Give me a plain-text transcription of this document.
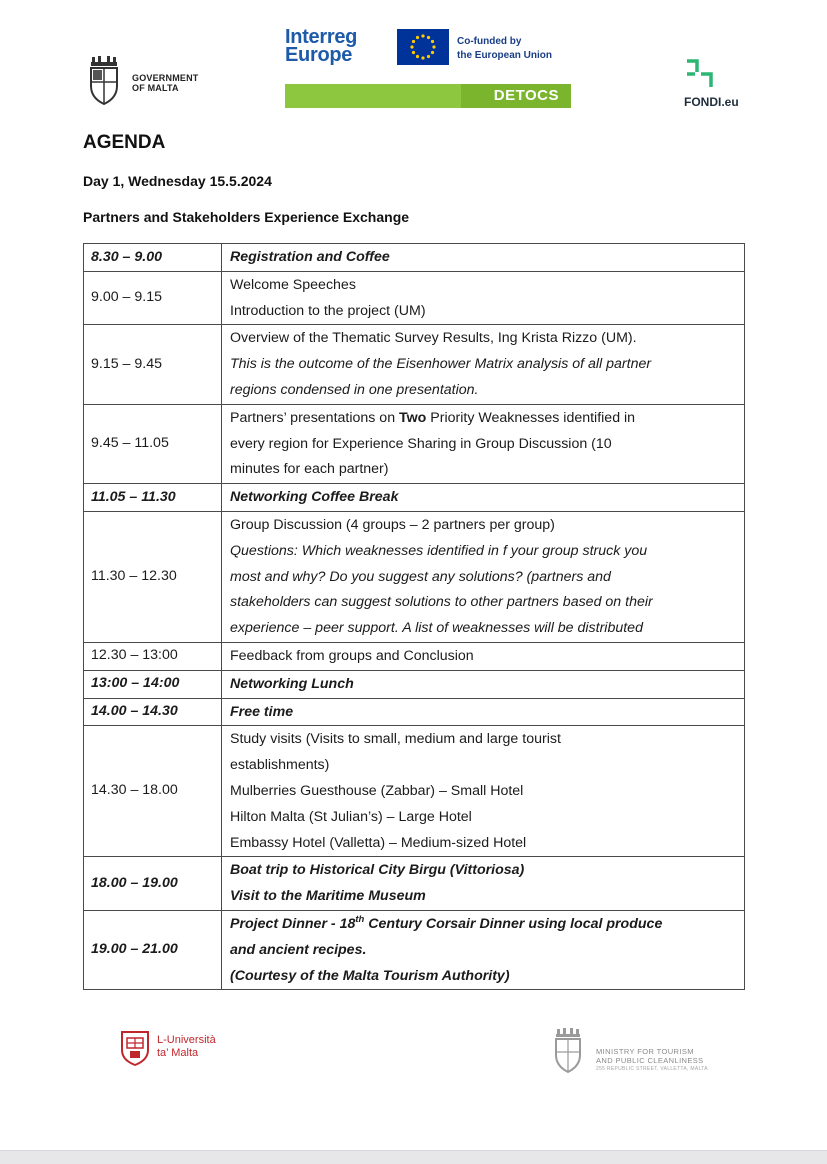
GOVERNMENT
OF MALTA
Interreg
Europe
Co-funded by
the European Union
DETOCS	FONDI.eu
AGENDA
Day 1, Wednesday 15.5.2024
Partners and Stakeholders Experience Exchange
8.30 – 9.00	Registration and Coffee

9.00 – 9.15	Welcome Speeches
Introduction to the project (UM)

9.15 – 9.45	Overview of the Thematic Survey Results, Ing Krista Rizzo (UM).
This is the outcome of the Eisenhower Matrix analysis of all partner
regions condensed in one presentation.

9.45 – 11.05	Partners’ presentations on Two Priority Weaknesses identified in
every region for Experience Sharing in Group Discussion (10
minutes for each partner)

11.05 – 11.30	Networking Coffee Break

11.30 – 12.30	Group Discussion (4 groups – 2 partners per group)
Questions: Which weaknesses identified in f your group struck you
most and why? Do you suggest any solutions? (partners and
stakeholders can suggest solutions to other partners based on their
experience – peer support. A list of weaknesses will be distributed

12.30 – 13:00	Feedback from groups and Conclusion

13:00 – 14:00	Networking Lunch

14.00 – 14.30	Free time

14.30 – 18.00	Study visits (Visits to small, medium and large tourist
establishments)
Mulberries Guesthouse (Zabbar) – Small Hotel
Hilton Malta (St Julian’s) – Large Hotel
Embassy Hotel (Valletta) – Medium-sized Hotel

18.00 – 19.00	Boat trip to Historical City Birgu (Vittoriosa)
Visit to the Maritime Museum

19.00 – 21.00	Project Dinner - 18th Century Corsair Dinner using local produce
and ancient recipes.
(Courtesy of the Malta Tourism Authority)
L-Università
ta’ Malta	MINISTRY FOR TOURISM
AND PUBLIC CLEANLINESS
255 REPUBLIC STREET, VALLETTA, MALTA
